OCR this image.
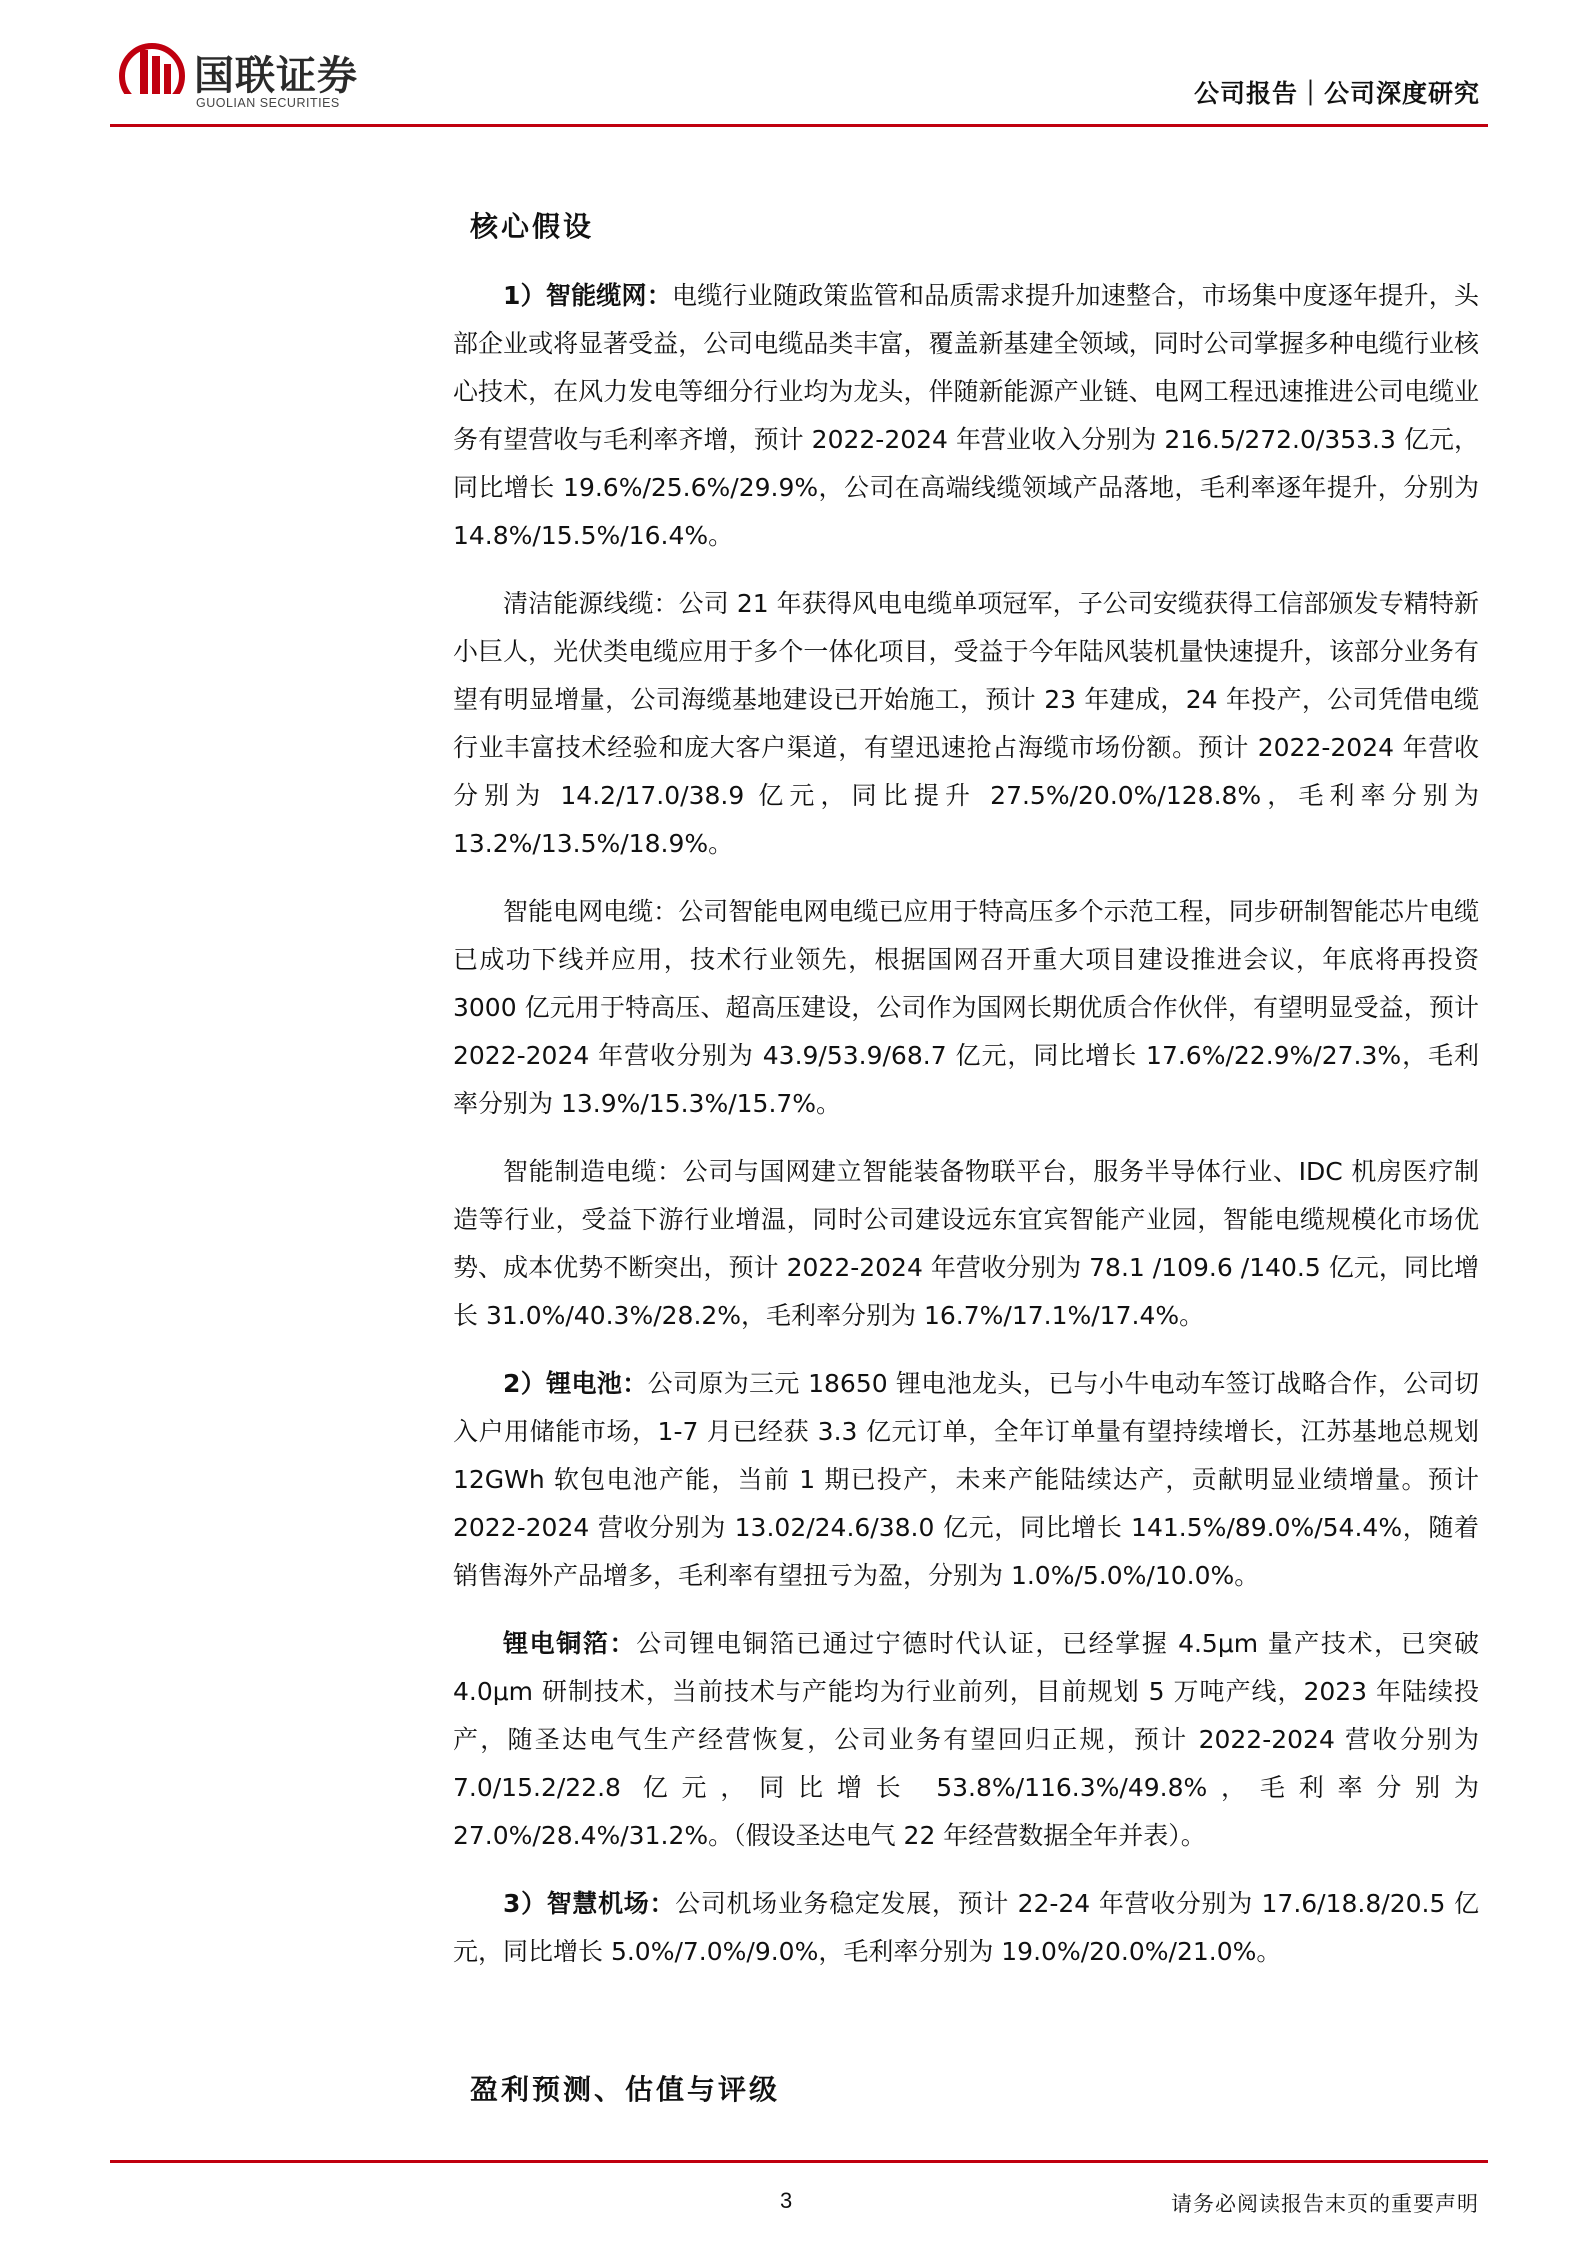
国联证券
GUOLIAN SECURITIES	公司报告｜公司深度研究
核心假设

1）智能缆网：电缆行业随政策监管和品质需求提升加速整合，市场集中度逐年提升，头部企业或将显著受益，公司电缆品类丰富，覆盖新基建全领域，同时公司掌握多种电缆行业核心技术，在风力发电等细分行业均为龙头，伴随新能源产业链、电网工程迅速推进公司电缆业务有望营收与毛利率齐增，预计 2022-2024 年营业收入分别为 216.5/272.0/353.3 亿元，同比增长 19.6%/25.6%/29.9%，公司在高端线缆领域产品落地，毛利率逐年提升，分别为 14.8%/15.5%/16.4%。

清洁能源线缆：公司 21 年获得风电电缆单项冠军，子公司安缆获得工信部颁发专精特新小巨人，光伏类电缆应用于多个一体化项目，受益于今年陆风装机量快速提升，该部分业务有望有明显增量，公司海缆基地建设已开始施工，预计 23 年建成，24 年投产，公司凭借电缆行业丰富技术经验和庞大客户渠道，有望迅速抢占海缆市场份额。预计 2022-2024 年营收分别为 14.2/17.0/38.9 亿元，同比提升 27.5%/20.0%/128.8%，毛利率分别为 13.2%/13.5%/18.9%。

智能电网电缆：公司智能电网电缆已应用于特高压多个示范工程，同步研制智能芯片电缆已成功下线并应用，技术行业领先，根据国网召开重大项目建设推进会议，年底将再投资 3000 亿元用于特高压、超高压建设，公司作为国网长期优质合作伙伴，有望明显受益，预计 2022-2024 年营收分别为 43.9/53.9/68.7 亿元，同比增长 17.6%/22.9%/27.3%，毛利率分别为 13.9%/15.3%/15.7%。

智能制造电缆：公司与国网建立智能装备物联平台，服务半导体行业、IDC 机房医疗制造等行业，受益下游行业增温，同时公司建设远东宜宾智能产业园，智能电缆规模化市场优势、成本优势不断突出，预计 2022-2024 年营收分别为 78.1 /109.6 /140.5 亿元，同比增长 31.0%/40.3%/28.2%，毛利率分别为 16.7%/17.1%/17.4%。

2）锂电池：公司原为三元 18650 锂电池龙头，已与小牛电动车签订战略合作，公司切入户用储能市场，1-7 月已经获 3.3 亿元订单，全年订单量有望持续增长，江苏基地总规划 12GWh 软包电池产能，当前 1 期已投产，未来产能陆续达产，贡献明显业绩增量。预计 2022-2024 营收分别为 13.02/24.6/38.0 亿元，同比增长 141.5%/89.0%/54.4%，随着销售海外产品增多，毛利率有望扭亏为盈，分别为 1.0%/5.0%/10.0%。

锂电铜箔：公司锂电铜箔已通过宁德时代认证，已经掌握 4.5μm 量产技术，已突破 4.0μm 研制技术，当前技术与产能均为行业前列，目前规划 5 万吨产线，2023 年陆续投产，随圣达电气生产经营恢复，公司业务有望回归正规，预计 2022-2024 营收分别为 7.0/15.2/22.8 亿元，同比增长 53.8%/116.3%/49.8%，毛利率分别为 27.0%/28.4%/31.2%。（假设圣达电气 22 年经营数据全年并表）。

3）智慧机场：公司机场业务稳定发展，预计 22-24 年营收分别为 17.6/18.8/20.5 亿元，同比增长 5.0%/7.0%/9.0%，毛利率分别为 19.0%/20.0%/21.0%。

盈利预测、估值与评级
3	请务必阅读报告末页的重要声明
